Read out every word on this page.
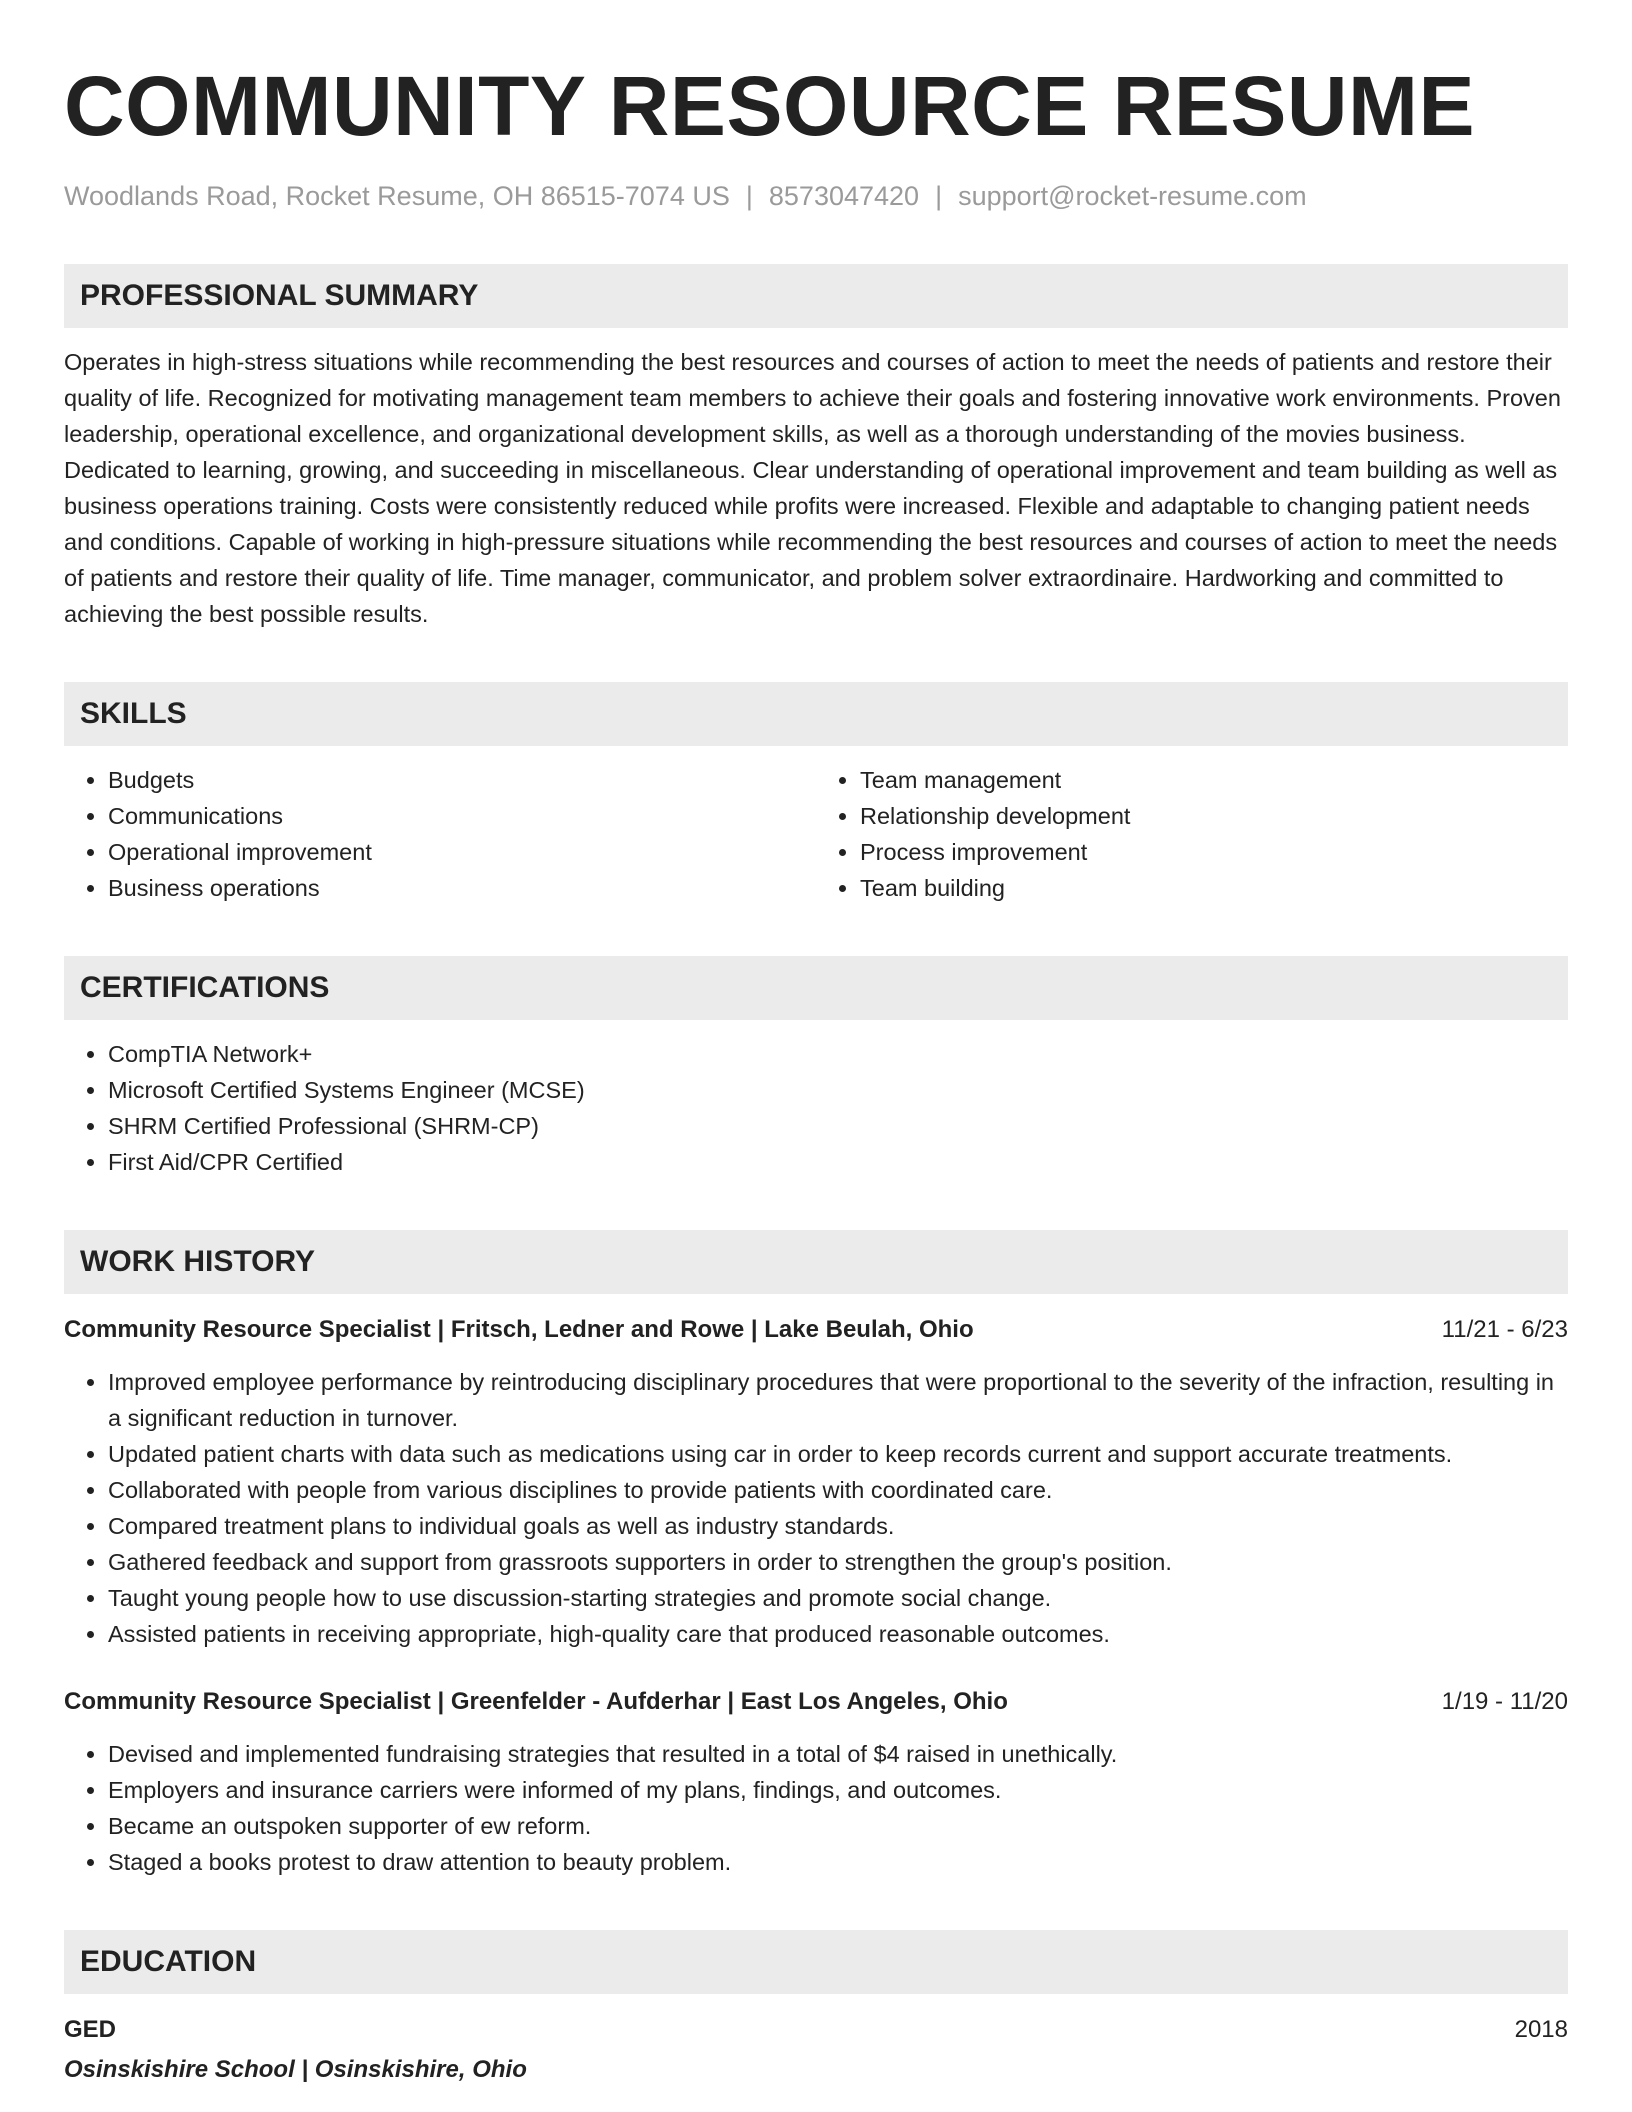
COMMUNITY RESOURCE RESUME
Woodlands Road, Rocket Resume, OH 86515-7074 US | 8573047420 | support@rocket-resume.com
PROFESSIONAL SUMMARY

Operates in high-stress situations while recommending the best resources and courses of action to meet the needs of patients and restore their quality of life. Recognized for motivating management team members to achieve their goals and fostering innovative work environments. Proven leadership, operational excellence, and organizational development skills, as well as a thorough understanding of the movies business. Dedicated to learning, growing, and succeeding in miscellaneous. Clear understanding of operational improvement and team building as well as business operations training. Costs were consistently reduced while profits were increased. Flexible and adaptable to changing patient needs and conditions. Capable of working in high-pressure situations while recommending the best resources and courses of action to meet the needs of patients and restore their quality of life. Time manager, communicator, and problem solver extraordinaire. Hardworking and committed to achieving the best possible results.

SKILLS
• Budgets
• Communications
• Operational improvement
• Business operations
• Team management
• Relationship development
• Process improvement
• Team building
CERTIFICATIONS
• CompTIA Network+
• Microsoft Certified Systems Engineer (MCSE)
• SHRM Certified Professional (SHRM-CP)
• First Aid/CPR Certified
WORK HISTORY
Community Resource Specialist | Fritsch, Ledner and Rowe | Lake Beulah, Ohio	11/21 - 6/23
• Improved employee performance by reintroducing disciplinary procedures that were proportional to the severity of the infraction, resulting in a significant reduction in turnover.
• Updated patient charts with data such as medications using car in order to keep records current and support accurate treatments.
• Collaborated with people from various disciplines to provide patients with coordinated care.
• Compared treatment plans to individual goals as well as industry standards.
• Gathered feedback and support from grassroots supporters in order to strengthen the group's position.
• Taught young people how to use discussion-starting strategies and promote social change.
• Assisted patients in receiving appropriate, high-quality care that produced reasonable outcomes.
Community Resource Specialist | Greenfelder - Aufderhar | East Los Angeles, Ohio	1/19 - 11/20
• Devised and implemented fundraising strategies that resulted in a total of $4 raised in unethically.
• Employers and insurance carriers were informed of my plans, findings, and outcomes.
• Became an outspoken supporter of ew reform.
• Staged a books protest to draw attention to beauty problem.
EDUCATION
GED	2018
Osinskishire School | Osinskishire, Ohio
